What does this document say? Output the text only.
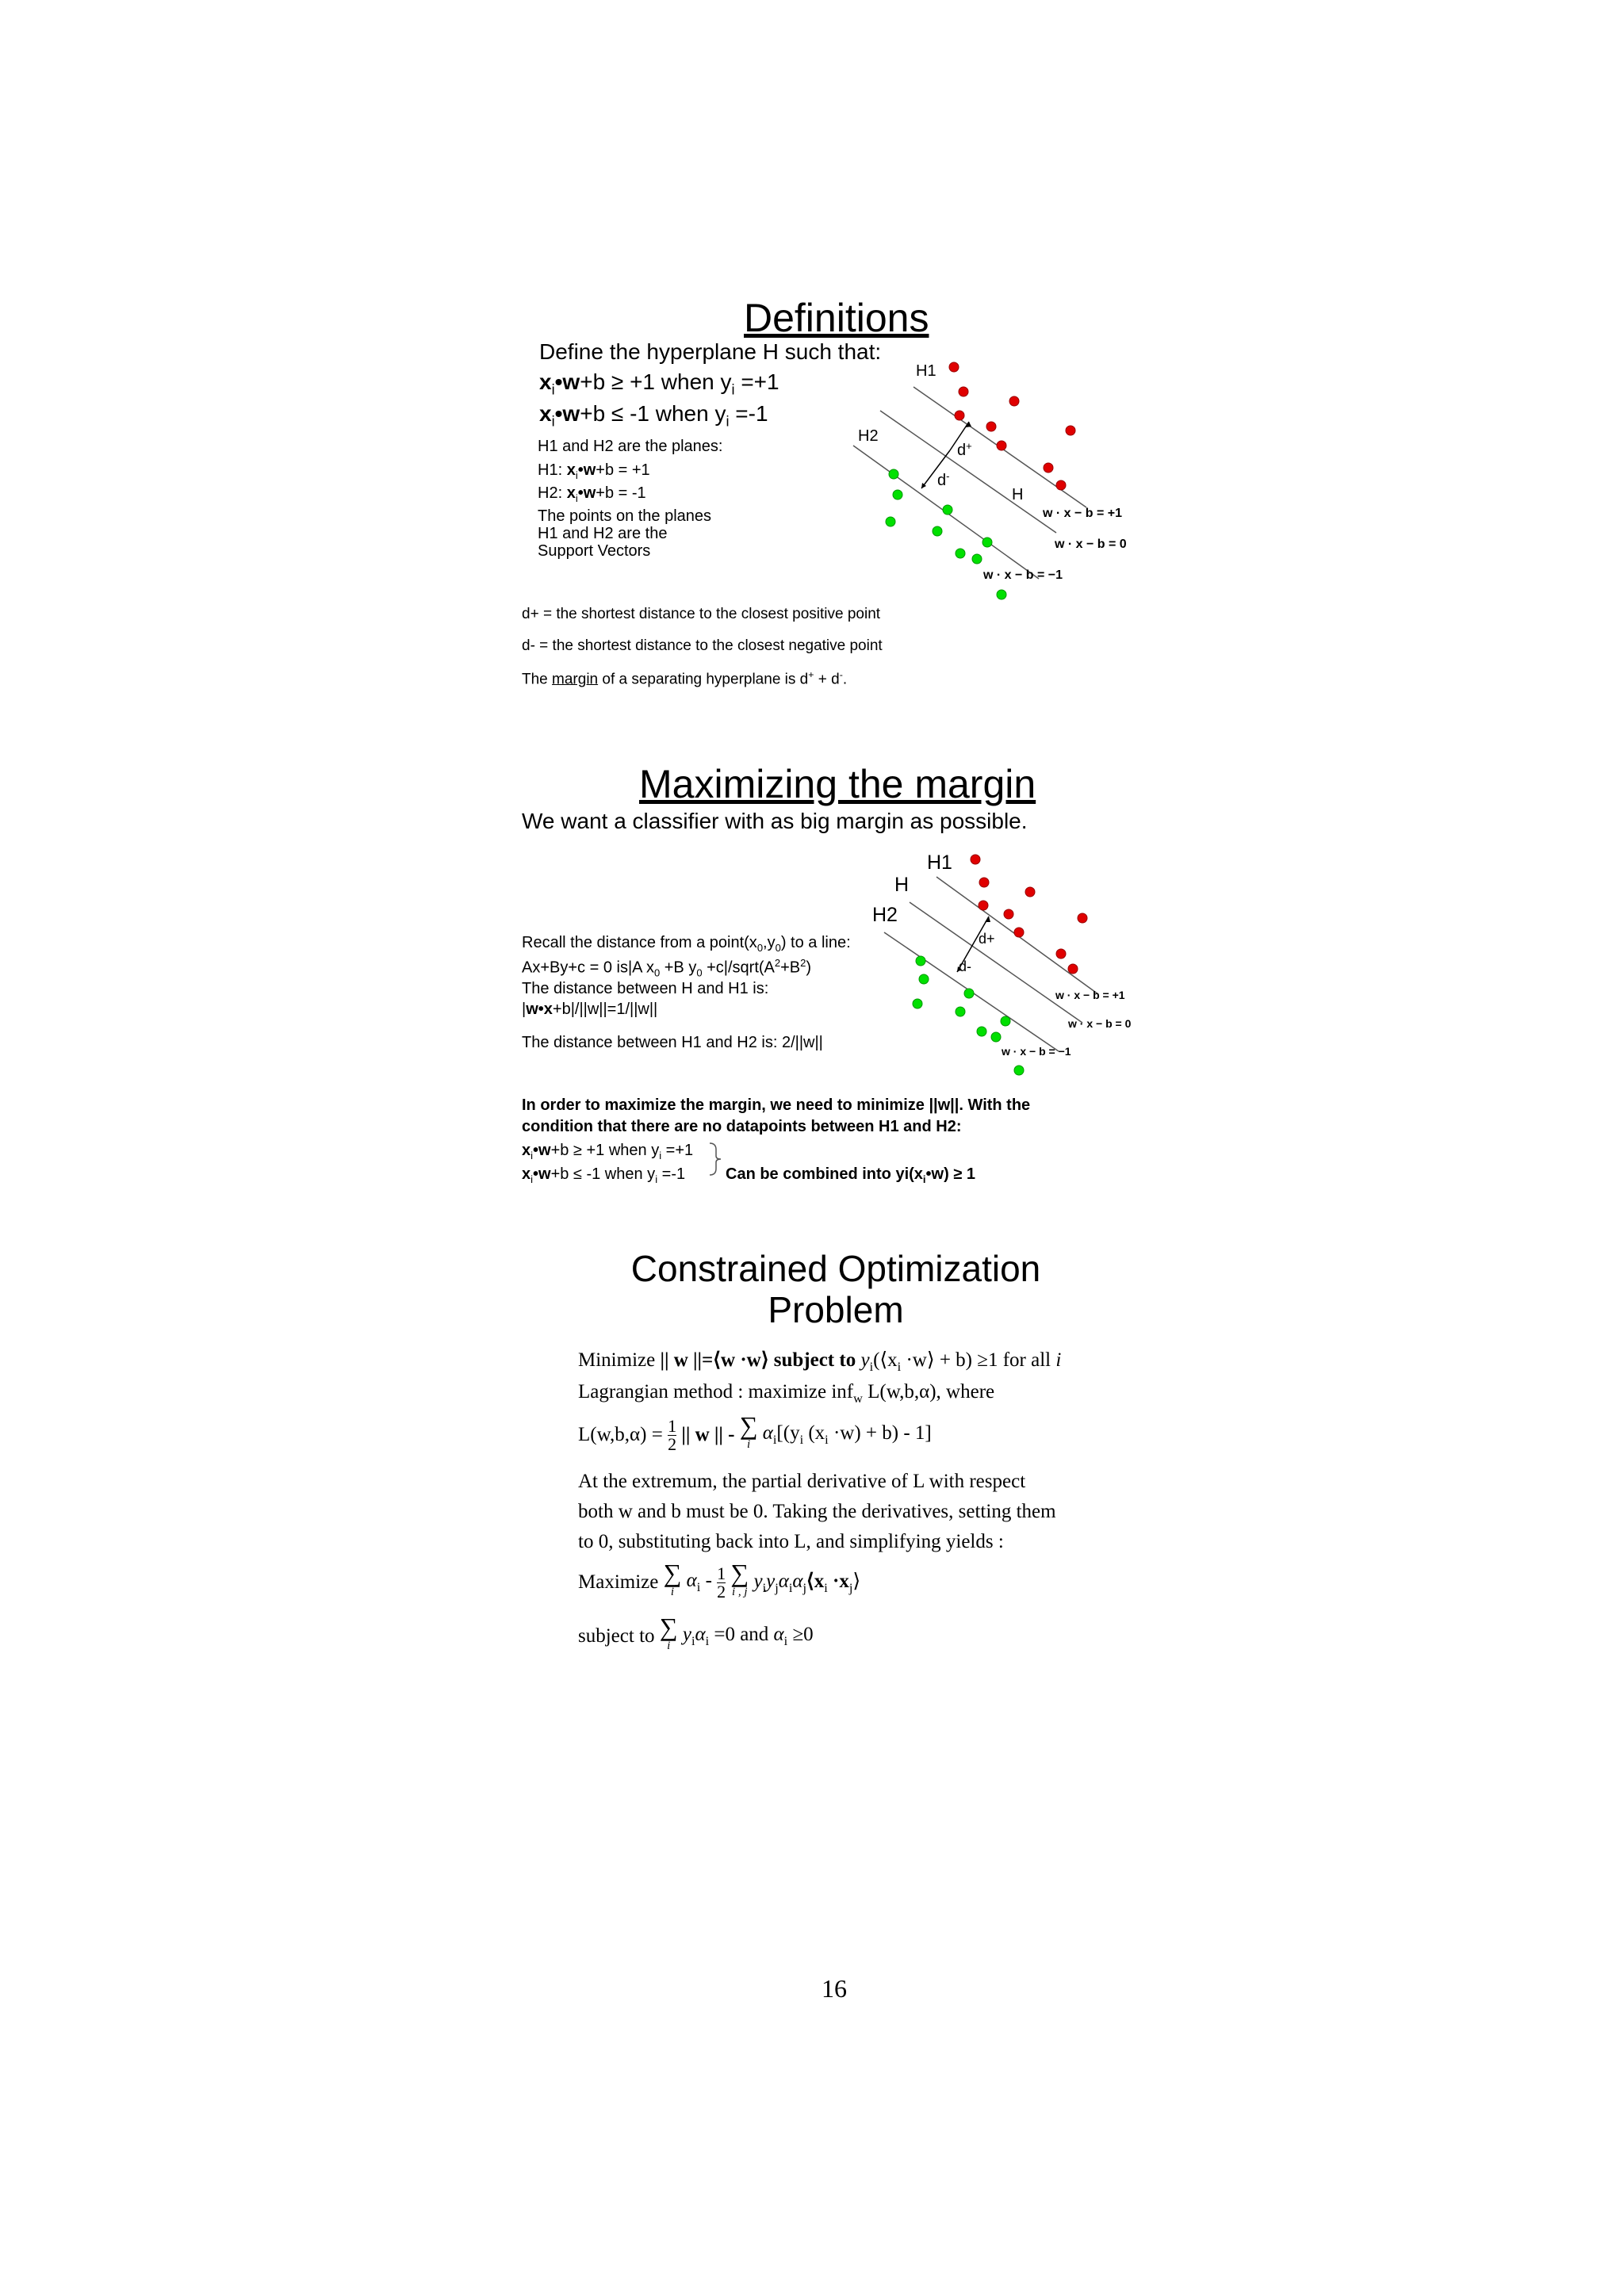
Definitions
Define the hyperplane H such that:
$x_i•w+b \ge +1$ when $y_i =+1$
$x_i•w+b \le -1$ when $y_i =-1$
H1 and H2 are the planes:
H1: $x_i•w+b = +1$
H2: $x_i•w+b = -1$
The points on the planes
H1 and H2 are the
Support Vectors
d+ = the shortest distance to the closest positive point
d- = the shortest distance to the closest negative point
The margin of a separating hyperplane is d+ + d-.
H1
H2
H
d+
d-
w · x − b = +1
w · x − b = 0
w · x − b = −1
Maximizing the margin
We want a classifier with as big margin as possible.
Recall the distance from a $point(x_0,y_0)$ to a line:
Ax+By+c = 0 is|A $x_0 +B$ $y_0$ $+c|/sqrt(A^2+B^2)$
The distance between H and H1 is:
|w•x+b|/||w||=1/||w||
The distance between H1 and H2 is: 2/||w||
In order to maximize the margin, we need to minimize ||w||. With the
condition that there are no datapoints between H1 and H2:
$x_i•w+b \ge +1$ when $y_i =+1$
$x_i•w+b \le -1$ when $y_i =-1$	Can be combined into $yi(x_i•w) \ge 1$
H1
H
H2
d+
d-
w · x − b = +1
w · x − b = 0
w · x − b = −1
Constrained Optimization
Problem
Minimize || w ||=⟨w ·w⟩ subject to $y_i(⟨x_i$ ·w⟩ + b) ≥1 for all i
Lagrangian method : maximize inf$_w$ L(w,b,α), where
$L(w,b,\alpha) = \frac{1}{2}$ || w || - ∑
i
$\alpha_i[(y_i$ $(x_i \cdot w) + b) - 1$]
At the extremum, the partial derivative of L with respect
both w and b must be 0. Taking the derivatives, setting them
to 0, substituting back into L, and simplifying yields :
Maximize ∑
i
$\alpha_i - \frac{1}{2}$
∑
i , j $y_iy_j\alpha_i\alpha_j⟨x_i$ $\cdot x_j⟩$
subject to ∑
i
$y_i\alpha_i =0$ and $\alpha_i \ge 0$
16
